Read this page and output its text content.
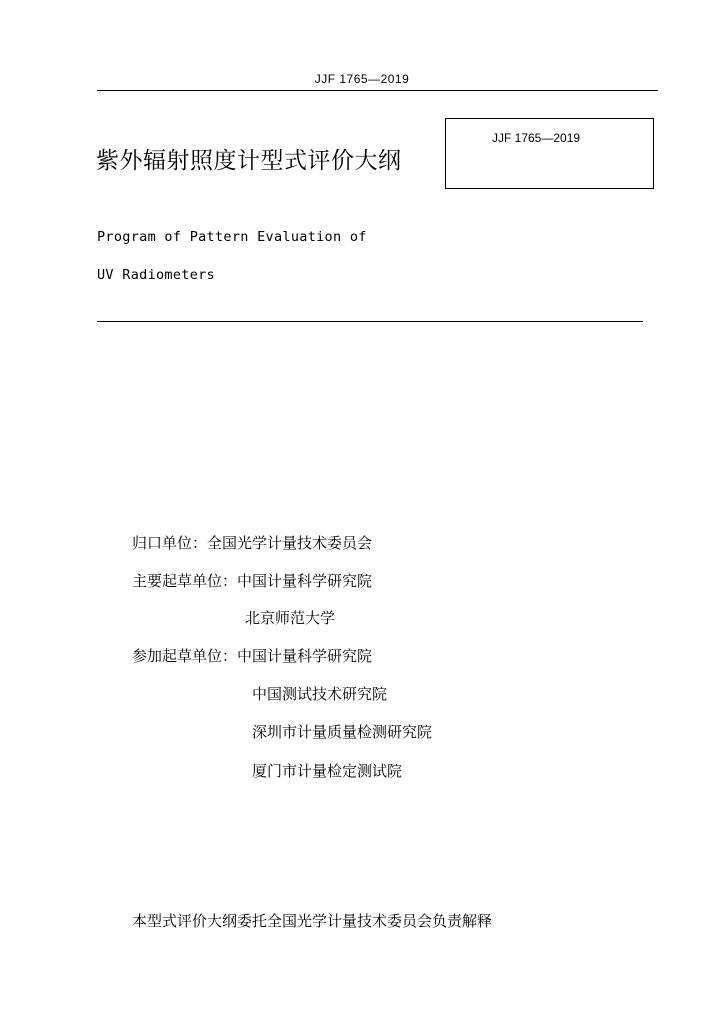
JJF 1765—2019
JJF 1765—2019
紫外辐射照度计型式评价大纲
Program of Pattern Evaluation of
UV Radiometers
归口单位：全国光学计量技术委员会
主要起草单位：中国计量科学研究院
北京师范大学
参加起草单位：中国计量科学研究院
中国测试技术研究院
深圳市计量质量检测研究院
厦门市计量检定测试院
本型式评价大纲委托全国光学计量技术委员会负责解释
